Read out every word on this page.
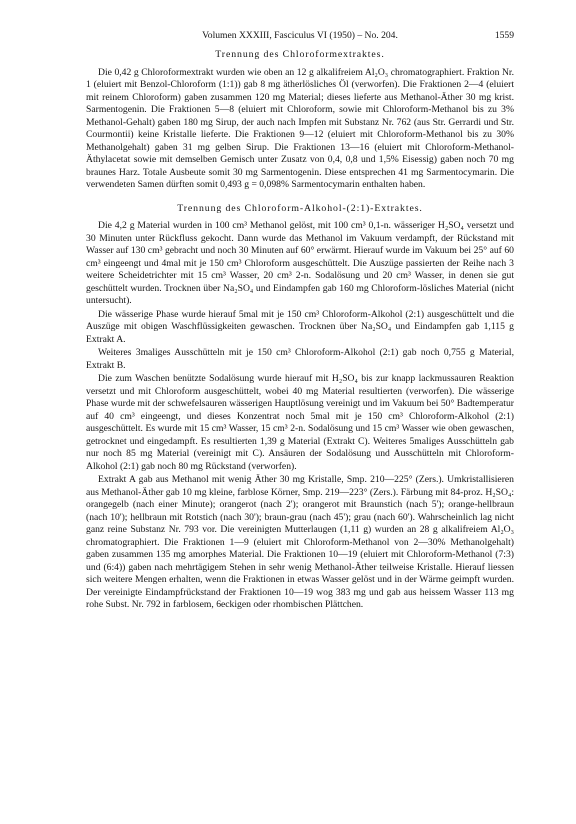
Volumen XXXIII, Fasciculus VI (1950) – No. 204.	1559
Trennung des Chloroformextraktes.

Die 0,42 g Chloroformextrakt wurden wie oben an 12 g alkalifreiem Al₂O₃ chromatographiert. Fraktion Nr. 1 (eluiert mit Benzol-Chloroform (1:1)) gab 8 mg ätherlösliches Öl (verworfen). Die Fraktionen 2—4 (eluiert mit reinem Chloroform) gaben zusammen 120 mg Material; dieses lieferte aus Methanol-Äther 30 mg krist. Sarmentogenin. Die Fraktionen 5—8 (eluiert mit Chloroform, sowie mit Chloroform-Methanol bis zu 3% Methanol-Gehalt) gaben 180 mg Sirup, der auch nach Impfen mit Substanz Nr. 762 (aus Str. Gerrardi und Str. Courmontii) keine Kristalle lieferte. Die Fraktionen 9—12 (eluiert mit Chloroform-Methanol bis zu 30% Methanolgehalt) gaben 31 mg gelben Sirup. Die Fraktionen 13—16 (eluiert mit Chloroform-Methanol-Äthylacetat sowie mit demselben Gemisch unter Zusatz von 0,4, 0,8 und 1,5% Eisessig) gaben noch 70 mg braunes Harz. Totale Ausbeute somit 30 mg Sarmentogenin. Diese entsprechen 41 mg Sarmentocymarin. Die verwendeten Samen dürften somit 0,493 g = 0,098% Sarmentocymarin enthalten haben.

Trennung des Chloroform-Alkohol-(2:1)-Extraktes.

Die 4,2 g Material wurden in 100 cm³ Methanol gelöst, mit 100 cm³ 0,1-n. wässeriger H₂SO₄ versetzt und 30 Minuten unter Rückfluss gekocht. Dann wurde das Methanol im Vakuum verdampft, der Rückstand mit Wasser auf 130 cm³ gebracht und noch 30 Minuten auf 60° erwärmt. Hierauf wurde im Vakuum bei 25° auf 60 cm³ eingeengt und 4mal mit je 150 cm³ Chloroform ausgeschüttelt. Die Auszüge passierten der Reihe nach 3 weitere Scheidetrichter mit 15 cm³ Wasser, 20 cm³ 2-n. Sodalösung und 20 cm³ Wasser, in denen sie gut geschüttelt wurden. Trocknen über Na₂SO₄ und Eindampfen gab 160 mg Chloroform-lösliches Material (nicht untersucht).

Die wässerige Phase wurde hierauf 5mal mit je 150 cm³ Chloroform-Alkohol (2:1) ausgeschüttelt und die Auszüge mit obigen Waschflüssigkeiten gewaschen. Trocknen über Na₂SO₄ und Eindampfen gab 1,115 g Extrakt A.

Weiteres 3maliges Ausschütteln mit je 150 cm³ Chloroform-Alkohol (2:1) gab noch 0,755 g Material, Extrakt B.

Die zum Waschen benützte Sodalösung wurde hierauf mit H₂SO₄ bis zur knapp lackmussauren Reaktion versetzt und mit Chloroform ausgeschüttelt, wobei 40 mg Material resultierten (verworfen). Die wässerige Phase wurde mit der schwefelsauren wässerigen Hauptlösung vereinigt und im Vakuum bei 50° Badtemperatur auf 40 cm³ eingeengt, und dieses Konzentrat noch 5mal mit je 150 cm³ Chloroform-Alkohol (2:1) ausgeschüttelt. Es wurde mit 15 cm³ Wasser, 15 cm³ 2-n. Sodalösung und 15 cm³ Wasser wie oben gewaschen, getrocknet und eingedampft. Es resultierten 1,39 g Material (Extrakt C). Weiteres 5maliges Ausschütteln gab nur noch 85 mg Material (vereinigt mit C). Ansäuren der Sodalösung und Ausschütteln mit Chloroform-Alkohol (2:1) gab noch 80 mg Rückstand (verworfen).

Extrakt A gab aus Methanol mit wenig Äther 30 mg Kristalle, Smp. 210—225° (Zers.). Umkristallisieren aus Methanol-Äther gab 10 mg kleine, farblose Körner, Smp. 219—223° (Zers.). Färbung mit 84-proz. H₂SO₄: orangegelb (nach einer Minute); orangerot (nach 2'); orangerot mit Braunstich (nach 5'); orange-hellbraun (nach 10'); hellbraun mit Rotstich (nach 30'); braun-grau (nach 45'); grau (nach 60'). Wahrscheinlich lag nicht ganz reine Substanz Nr. 793 vor. Die vereinigten Mutterlaugen (1,11 g) wurden an 28 g alkalifreiem Al₂O₃ chromatographiert. Die Fraktionen 1—9 (eluiert mit Chloroform-Methanol von 2—30% Methanolgehalt) gaben zusammen 135 mg amorphes Material. Die Fraktionen 10—19 (eluiert mit Chloroform-Methanol (7:3) und (6:4)) gaben nach mehrtägigem Stehen in sehr wenig Methanol-Äther teilweise Kristalle. Hierauf liessen sich weitere Mengen erhalten, wenn die Fraktionen in etwas Wasser gelöst und in der Wärme geimpft wurden. Der vereinigte Eindampfrückstand der Fraktionen 10—19 wog 383 mg und gab aus heissem Wasser 113 mg rohe Subst. Nr. 792 in farblosem, 6eckigen oder rhombischen Plättchen.
